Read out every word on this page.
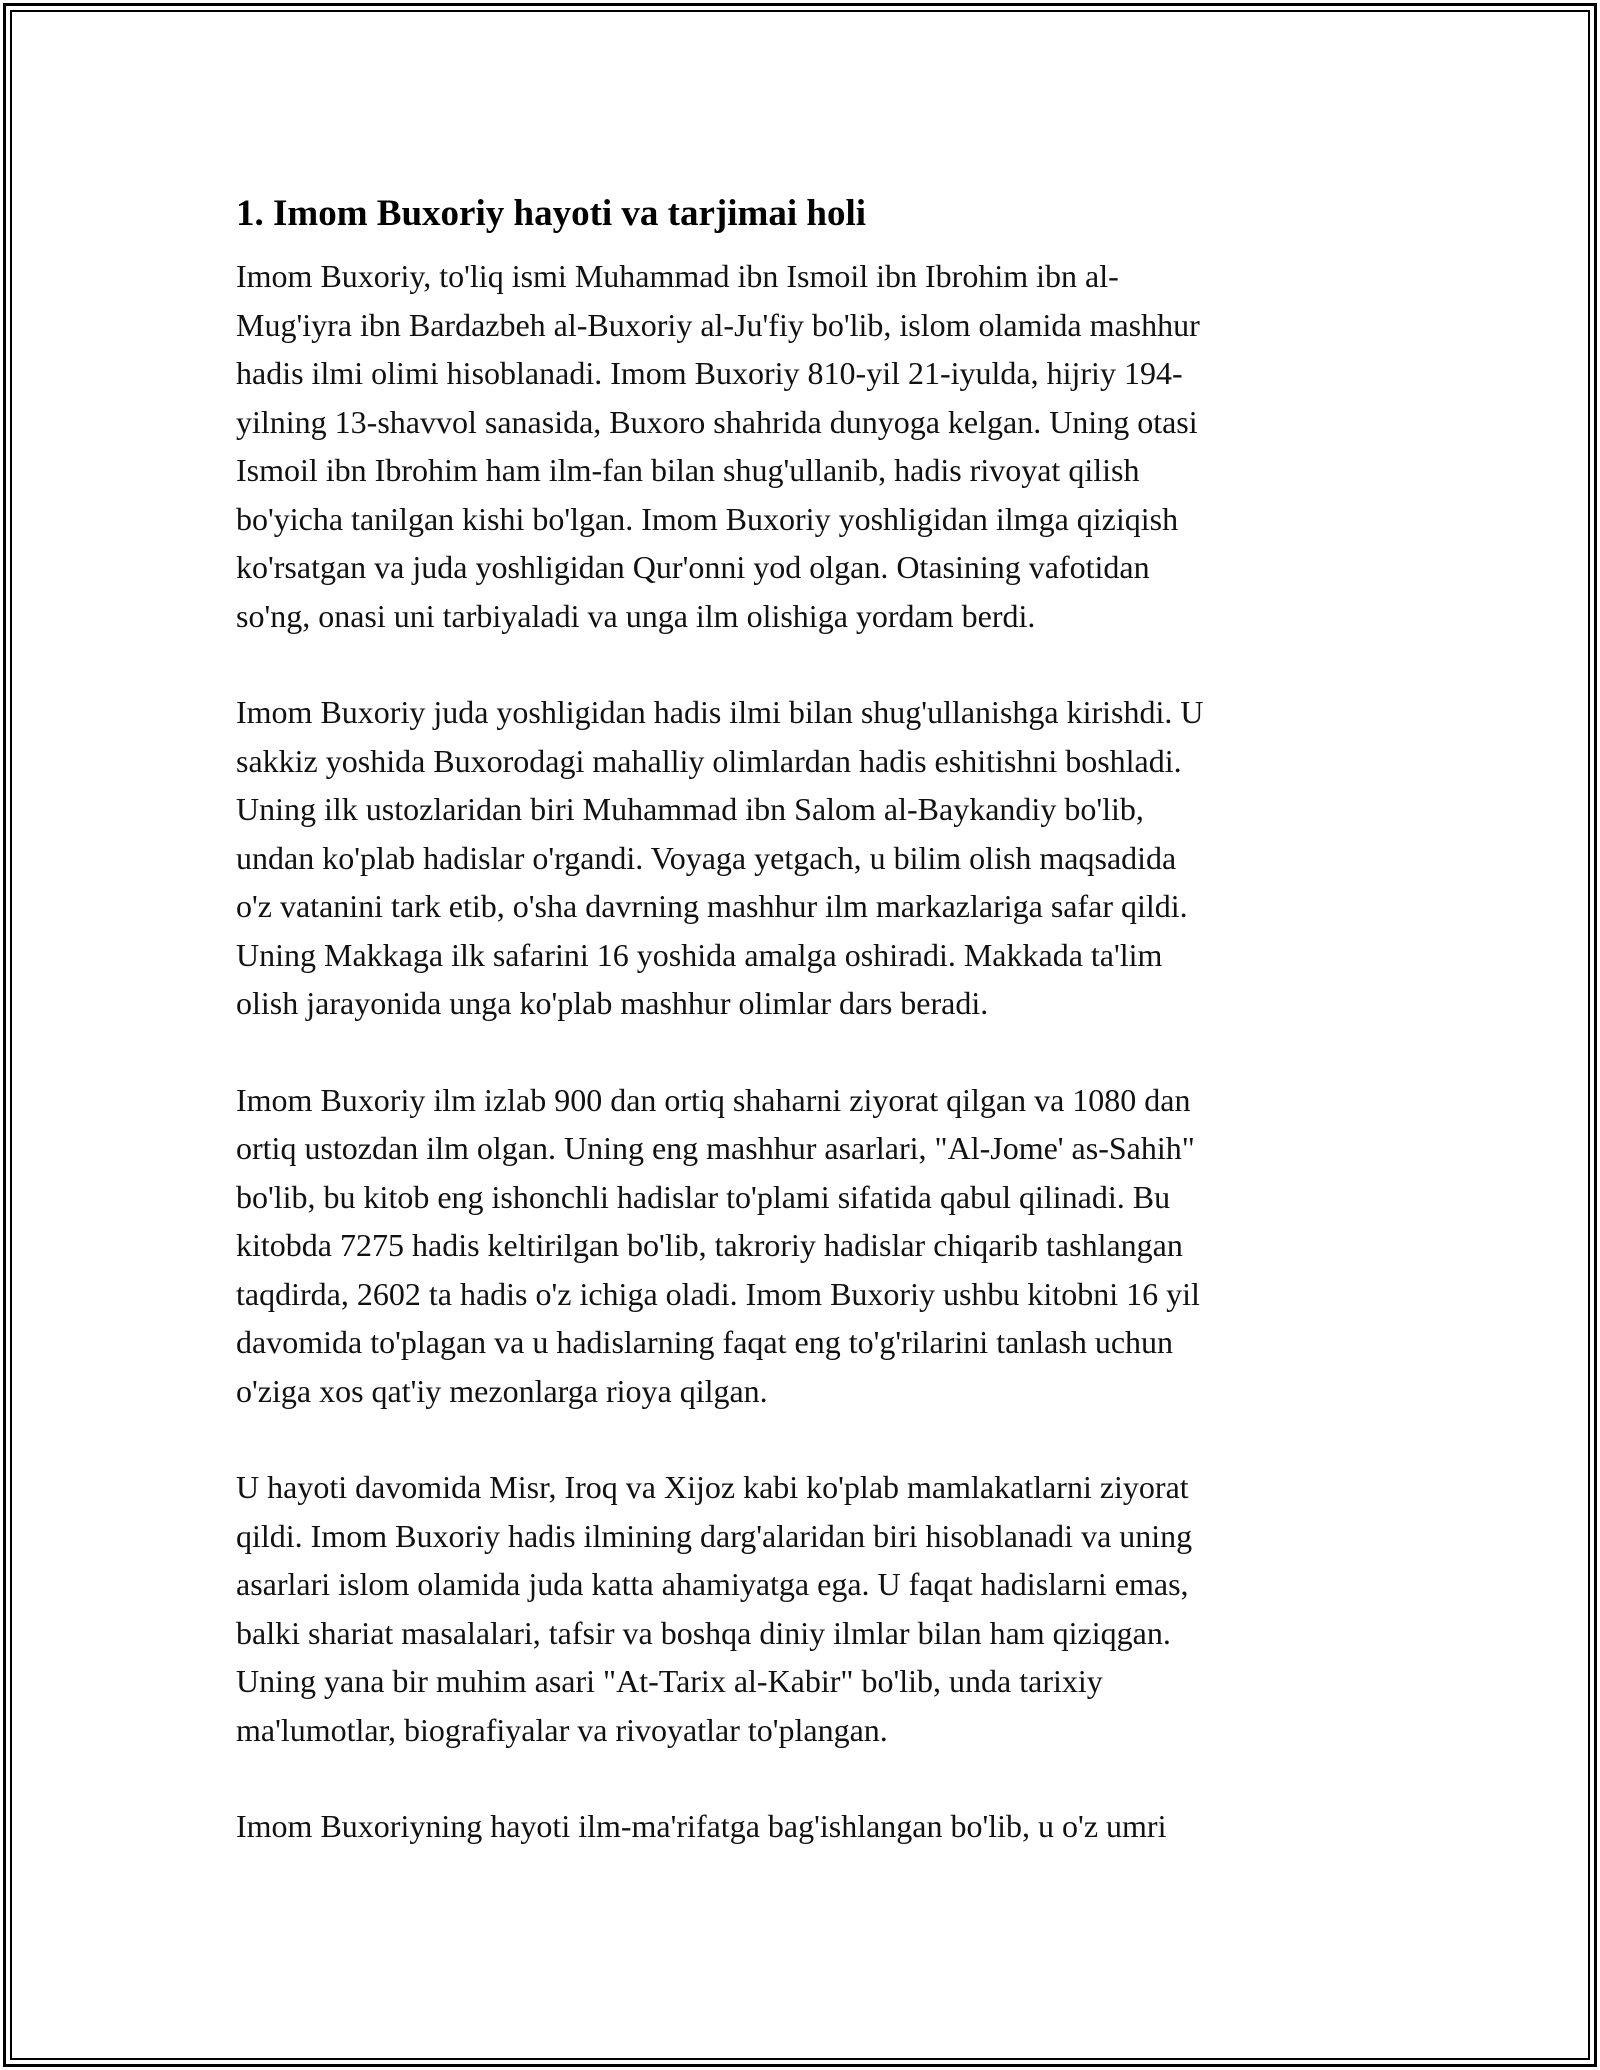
1. Imom Buxoriy hayoti va tarjimai holi

Imom Buxoriy, to'liq ismi Muhammad ibn Ismoil ibn Ibrohim ibn al-
Mug'iyra ibn Bardazbeh al-Buxoriy al-Ju'fiy bo'lib, islom olamida mashhur
hadis ilmi olimi hisoblanadi. Imom Buxoriy 810-yil 21-iyulda, hijriy 194-
yilning 13-shavvol sanasida, Buxoro shahrida dunyoga kelgan. Uning otasi
Ismoil ibn Ibrohim ham ilm-fan bilan shug'ullanib, hadis rivoyat qilish
bo'yicha tanilgan kishi bo'lgan. Imom Buxoriy yoshligidan ilmga qiziqish
ko'rsatgan va juda yoshligidan Qur'onni yod olgan. Otasining vafotidan
so'ng, onasi uni tarbiyaladi va unga ilm olishiga yordam berdi.

Imom Buxoriy juda yoshligidan hadis ilmi bilan shug'ullanishga kirishdi. U
sakkiz yoshida Buxorodagi mahalliy olimlardan hadis eshitishni boshladi.
Uning ilk ustozlaridan biri Muhammad ibn Salom al-Baykandiy bo'lib,
undan ko'plab hadislar o'rgandi. Voyaga yetgach, u bilim olish maqsadida
o'z vatanini tark etib, o'sha davrning mashhur ilm markazlariga safar qildi.
Uning Makkaga ilk safarini 16 yoshida amalga oshiradi. Makkada ta'lim
olish jarayonida unga ko'plab mashhur olimlar dars beradi.

Imom Buxoriy ilm izlab 900 dan ortiq shaharni ziyorat qilgan va 1080 dan
ortiq ustozdan ilm olgan. Uning eng mashhur asarlari, "Al-Jome' as-Sahih"
bo'lib, bu kitob eng ishonchli hadislar to'plami sifatida qabul qilinadi. Bu
kitobda 7275 hadis keltirilgan bo'lib, takroriy hadislar chiqarib tashlangan
taqdirda, 2602 ta hadis o'z ichiga oladi. Imom Buxoriy ushbu kitobni 16 yil
davomida to'plagan va u hadislarning faqat eng to'g'rilarini tanlash uchun
o'ziga xos qat'iy mezonlarga rioya qilgan.

U hayoti davomida Misr, Iroq va Xijoz kabi ko'plab mamlakatlarni ziyorat
qildi. Imom Buxoriy hadis ilmining darg'alaridan biri hisoblanadi va uning
asarlari islom olamida juda katta ahamiyatga ega. U faqat hadislarni emas,
balki shariat masalalari, tafsir va boshqa diniy ilmlar bilan ham qiziqgan.
Uning yana bir muhim asari "At-Tarix al-Kabir" bo'lib, unda tarixiy
ma'lumotlar, biografiyalar va rivoyatlar to'plangan.

Imom Buxoriyning hayoti ilm-ma'rifatga bag'ishlangan bo'lib, u o'z umri
